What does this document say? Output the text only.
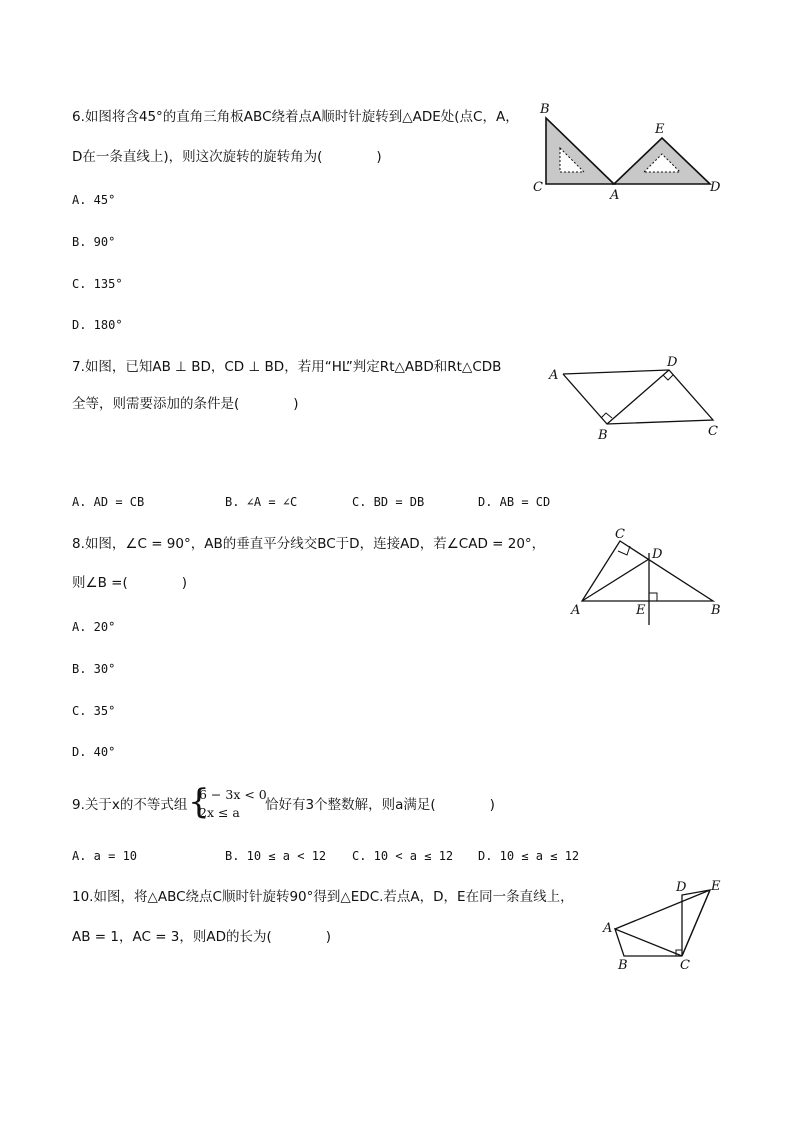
6.如图将含45°的直角三角板ABC绕着点A顺时针旋转到△ADE处(点C，A，
D在一条直线上)，则这次旋转的旋转角为(　　　　)
A. 45°
B. 90°
C. 135°
D. 180°
B
C
A
E
D
7.如图，已知AB ⊥ BD，CD ⊥ BD，若用“HL”判定Rt△ABD和Rt△CDB
全等，则需要添加的条件是(　　　　)
A. AD = CB	B. ∠A = ∠C	C. BD = DB	D. AB = CD
A
B	C
D
8.如图，∠C = 90°，AB的垂直平分线交BC于D，连接AD，若∠CAD = 20°，
则∠B =(　　　　)
A. 20°
B. 30°
C. 35°
D. 40°
C
D
A	E	B
9.关于x的不等式组 {
6 − 3x < 0
2x ≤ a 恰好有3个整数解，则a满足(　　　　)
A. a = 10	B. 10 ≤ a < 12 C. 10 < a ≤ 12 D. 10 ≤ a ≤ 12
10.如图，将△ABC绕点C顺时针旋转90°得到△EDC.若点A，D，E在同一条直线上，
AB = 1，AC = 3，则AD的长为(　　　　)
D E
A
B	C
